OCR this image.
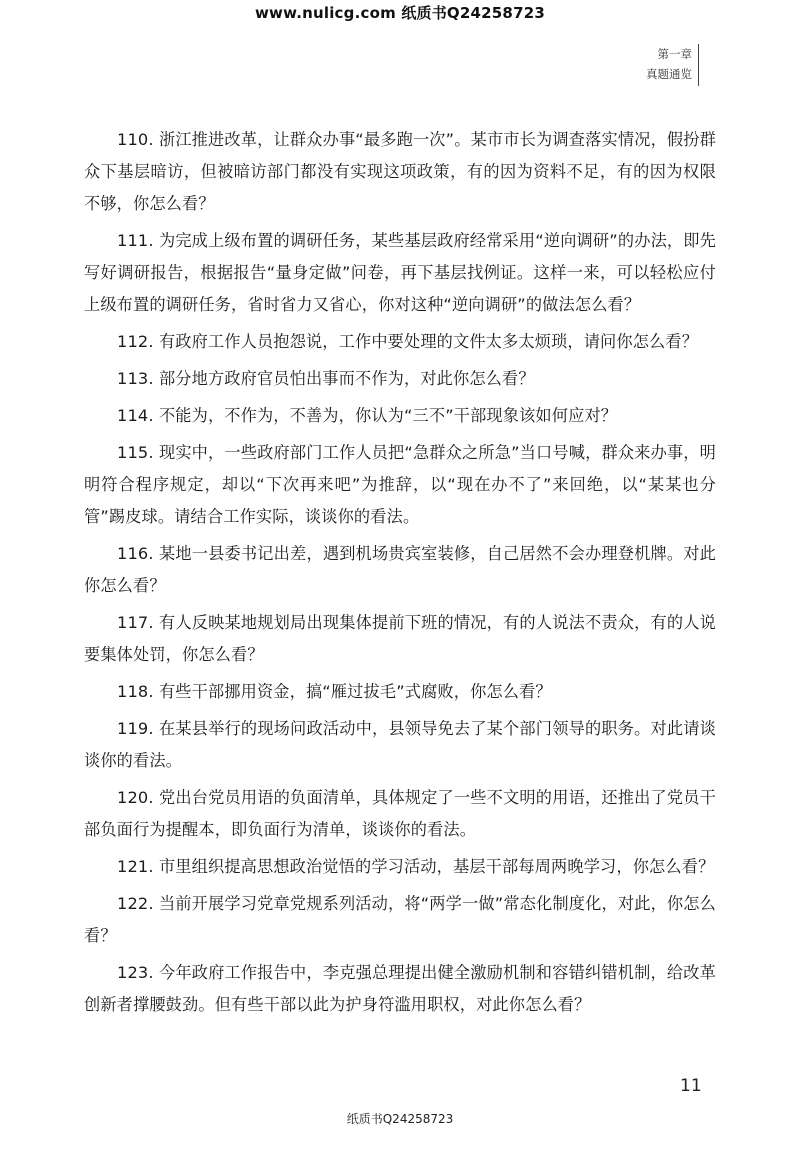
www.nulicg.com 纸质书Q24258723
第一章
真题通览

110. 浙江推进改革，让群众办事“最多跑一次”。某市市长为调查落实情况，假扮群众下基层暗访，但被暗访部门都没有实现这项政策，有的因为资料不足，有的因为权限不够，你怎么看？

111. 为完成上级布置的调研任务，某些基层政府经常采用“逆向调研”的办法，即先写好调研报告，根据报告“量身定做”问卷，再下基层找例证。这样一来，可以轻松应付上级布置的调研任务，省时省力又省心，你对这种“逆向调研”的做法怎么看？

112. 有政府工作人员抱怨说，工作中要处理的文件太多太烦琐，请问你怎么看？

113. 部分地方政府官员怕出事而不作为，对此你怎么看？

114. 不能为，不作为，不善为，你认为“三不”干部现象该如何应对？

115. 现实中，一些政府部门工作人员把“急群众之所急”当口号喊，群众来办事，明明符合程序规定，却以“下次再来吧”为推辞，以“现在办不了”来回绝，以“某某也分管”踢皮球。请结合工作实际，谈谈你的看法。

116. 某地一县委书记出差，遇到机场贵宾室装修，自己居然不会办理登机牌。对此你怎么看？

117. 有人反映某地规划局出现集体提前下班的情况，有的人说法不责众，有的人说要集体处罚，你怎么看？

118. 有些干部挪用资金，搞“雁过拔毛”式腐败，你怎么看？

119. 在某县举行的现场问政活动中，县领导免去了某个部门领导的职务。对此请谈谈你的看法。

120. 党出台党员用语的负面清单，具体规定了一些不文明的用语，还推出了党员干部负面行为提醒本，即负面行为清单，谈谈你的看法。

121. 市里组织提高思想政治觉悟的学习活动，基层干部每周两晚学习，你怎么看？

122. 当前开展学习党章党规系列活动，将“两学一做”常态化制度化，对此，你怎么看？

123. 今年政府工作报告中，李克强总理提出健全激励机制和容错纠错机制，给改革创新者撑腰鼓劲。但有些干部以此为护身符滥用职权，对此你怎么看？

11
纸质书Q24258723
